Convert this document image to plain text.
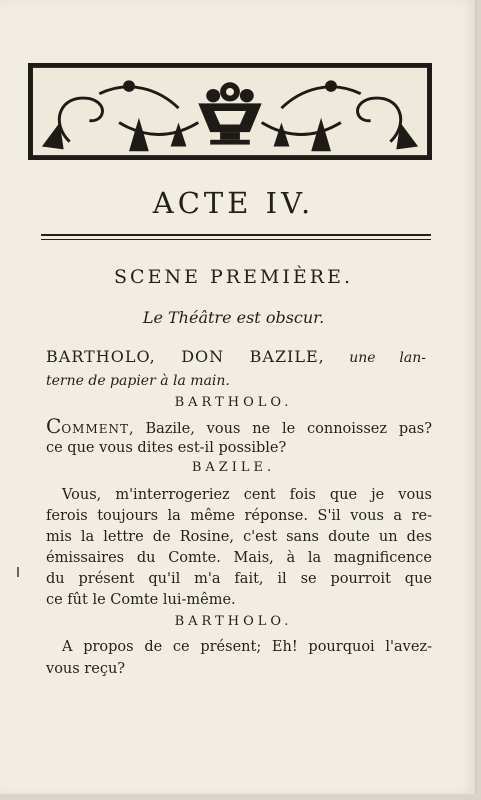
ACTE IV.
SCENE PREMIÈRE.
Le Théâtre est obscur.
BARTHOLO, DON BAZILE, une lan-
terne de papier à la main.
BARTHOLO.
COMMENT, Bazile, vous ne le connoissez pas?
ce que vous dites est-il possible?
BAZILE.
Vous, m'interrogeriez cent fois que je vous
ferois toujours la même réponse. S'il vous a re-
mis la lettre de Rosine, c'est sans doute un des
émissaires du Comte. Mais, à la magnificence
du présent qu'il m'a fait, il se pourroit que
ce fût le Comte lui-même.
BARTHOLO.
A propos de ce présent; Eh! pourquoi l'avez-
vous reçu?
